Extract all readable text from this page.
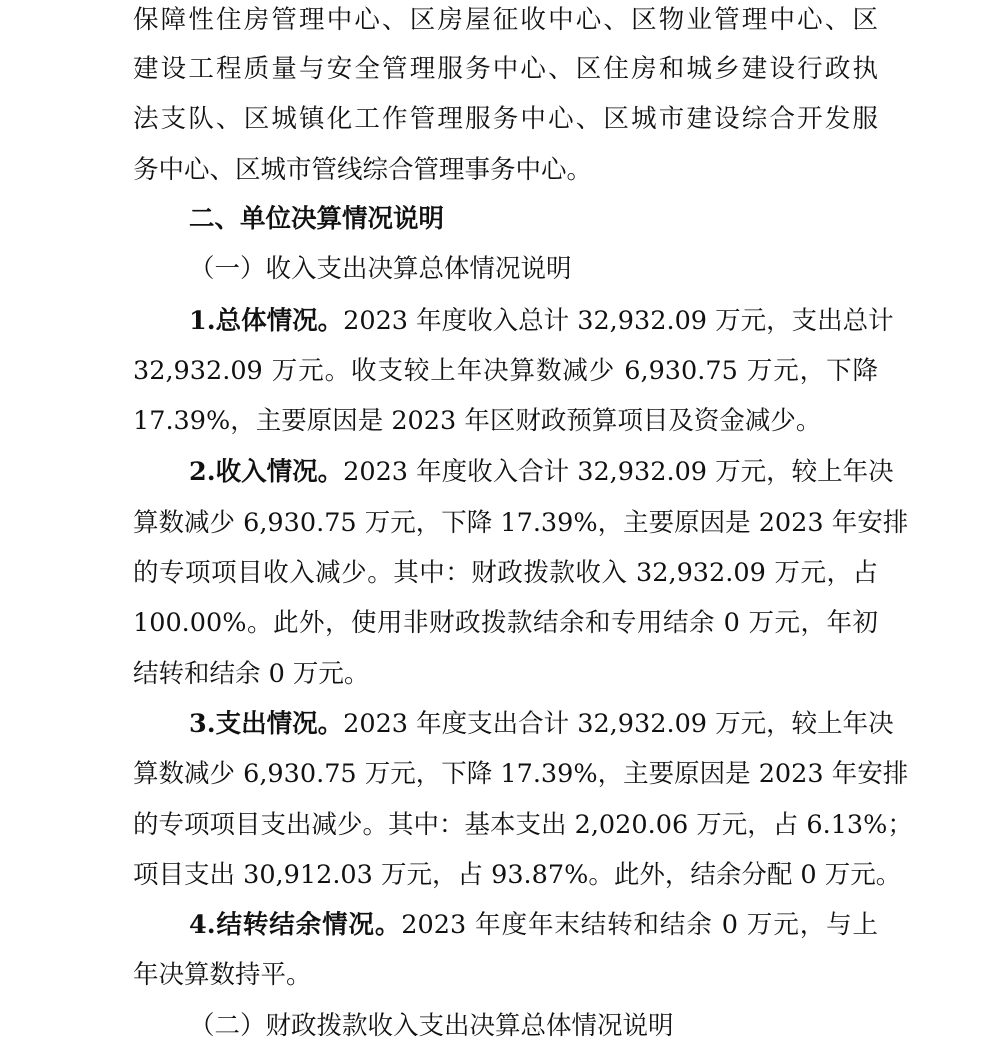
保障性住房管理中心、区房屋征收中心、区物业管理中心、区
建设工程质量与安全管理服务中心、区住房和城乡建设行政执
法支队、区城镇化工作管理服务中心、区城市建设综合开发服
务中心、区城市管线综合管理事务中心。
二、单位决算情况说明
（一）收入支出决算总体情况说明
1.总体情况。2023 年度收入总计 32,932.09 万元，支出总计
32,932.09 万元。收支较上年决算数减少 6,930.75 万元，下降
17.39%，主要原因是 2023 年区财政预算项目及资金减少。
2.收入情况。2023 年度收入合计 32,932.09 万元，较上年决
算数减少 6,930.75 万元，下降 17.39%，主要原因是 2023 年安排
的专项项目收入减少。其中：财政拨款收入 32,932.09 万元，占
100.00%。此外，使用非财政拨款结余和专用结余 0 万元，年初
结转和结余 0 万元。
3.支出情况。2023 年度支出合计 32,932.09 万元，较上年决
算数减少 6,930.75 万元，下降 17.39%，主要原因是 2023 年安排
的专项项目支出减少。其中：基本支出 2,020.06 万元，占 6.13%；
项目支出 30,912.03 万元，占 93.87%。此外，结余分配 0 万元。
4.结转结余情况。2023 年度年末结转和结余 0 万元，与上
年决算数持平。
（二）财政拨款收入支出决算总体情况说明
